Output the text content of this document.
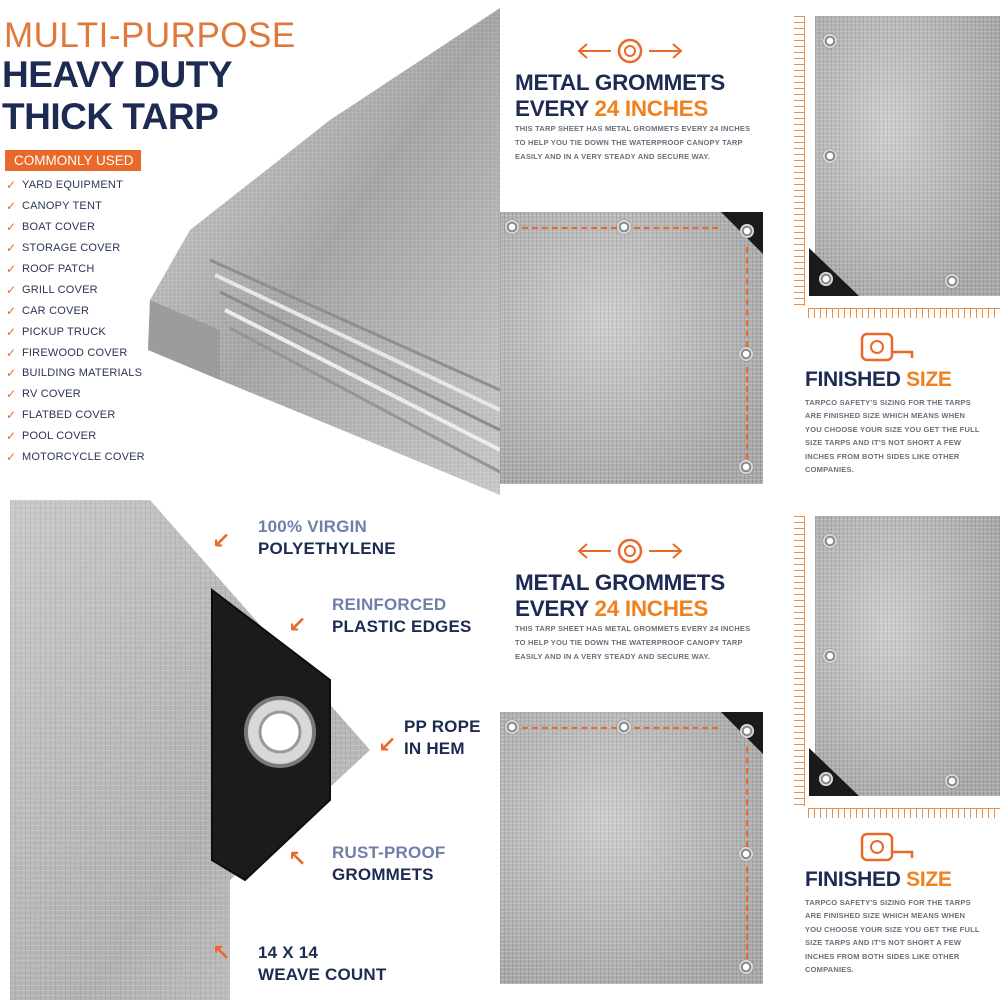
MULTI-PURPOSE
HEAVY DUTY
THICK TARP
COMMONLY USED
✓ YARD EQUIPMENT
✓ CANOPY TENT
✓ BOAT COVER
✓ STORAGE COVER
✓ ROOF PATCH
✓ GRILL COVER
✓ CAR COVER
✓ PICKUP TRUCK
✓ FIREWOOD COVER
✓ BUILDING MATERIALS
✓ RV COVER
✓ FLATBED COVER
✓ POOL COVER
✓ MOTORCYCLE COVER
METAL GROMMETS
EVERY 24 INCHES
THIS TARP SHEET HAS METAL GROMMETS EVERY 24 INCHES
TO HELP YOU TIE DOWN THE WATERPROOF CANOPY TARP
EASILY AND IN A VERY STEADY AND SECURE WAY.
FINISHED SIZE
TARPCO SAFETY'S SIZING FOR THE TARPS
ARE FINISHED SIZE WHICH MEANS WHEN
YOU CHOOSE YOUR SIZE YOU GET THE FULL
SIZE TARPS AND IT'S NOT SHORT A FEW
INCHES FROM BOTH SIDES LIKE OTHER
COMPANIES.
↙
100% VIRGIN
POLYETHYLENE
↙
REINFORCED
PLASTIC EDGES
↙
PP ROPE
IN HEM
↖ RUST-PROOF
GROMMETS
↖ 14 X 14
WEAVE COUNT
METAL GROMMETS
EVERY 24 INCHES
THIS TARP SHEET HAS METAL GROMMETS EVERY 24 INCHES
TO HELP YOU TIE DOWN THE WATERPROOF CANOPY TARP
EASILY AND IN A VERY STEADY AND SECURE WAY.
FINISHED SIZE
TARPCO SAFETY'S SIZING FOR THE TARPS
ARE FINISHED SIZE WHICH MEANS WHEN
YOU CHOOSE YOUR SIZE YOU GET THE FULL
SIZE TARPS AND IT'S NOT SHORT A FEW
INCHES FROM BOTH SIDES LIKE OTHER
COMPANIES.
